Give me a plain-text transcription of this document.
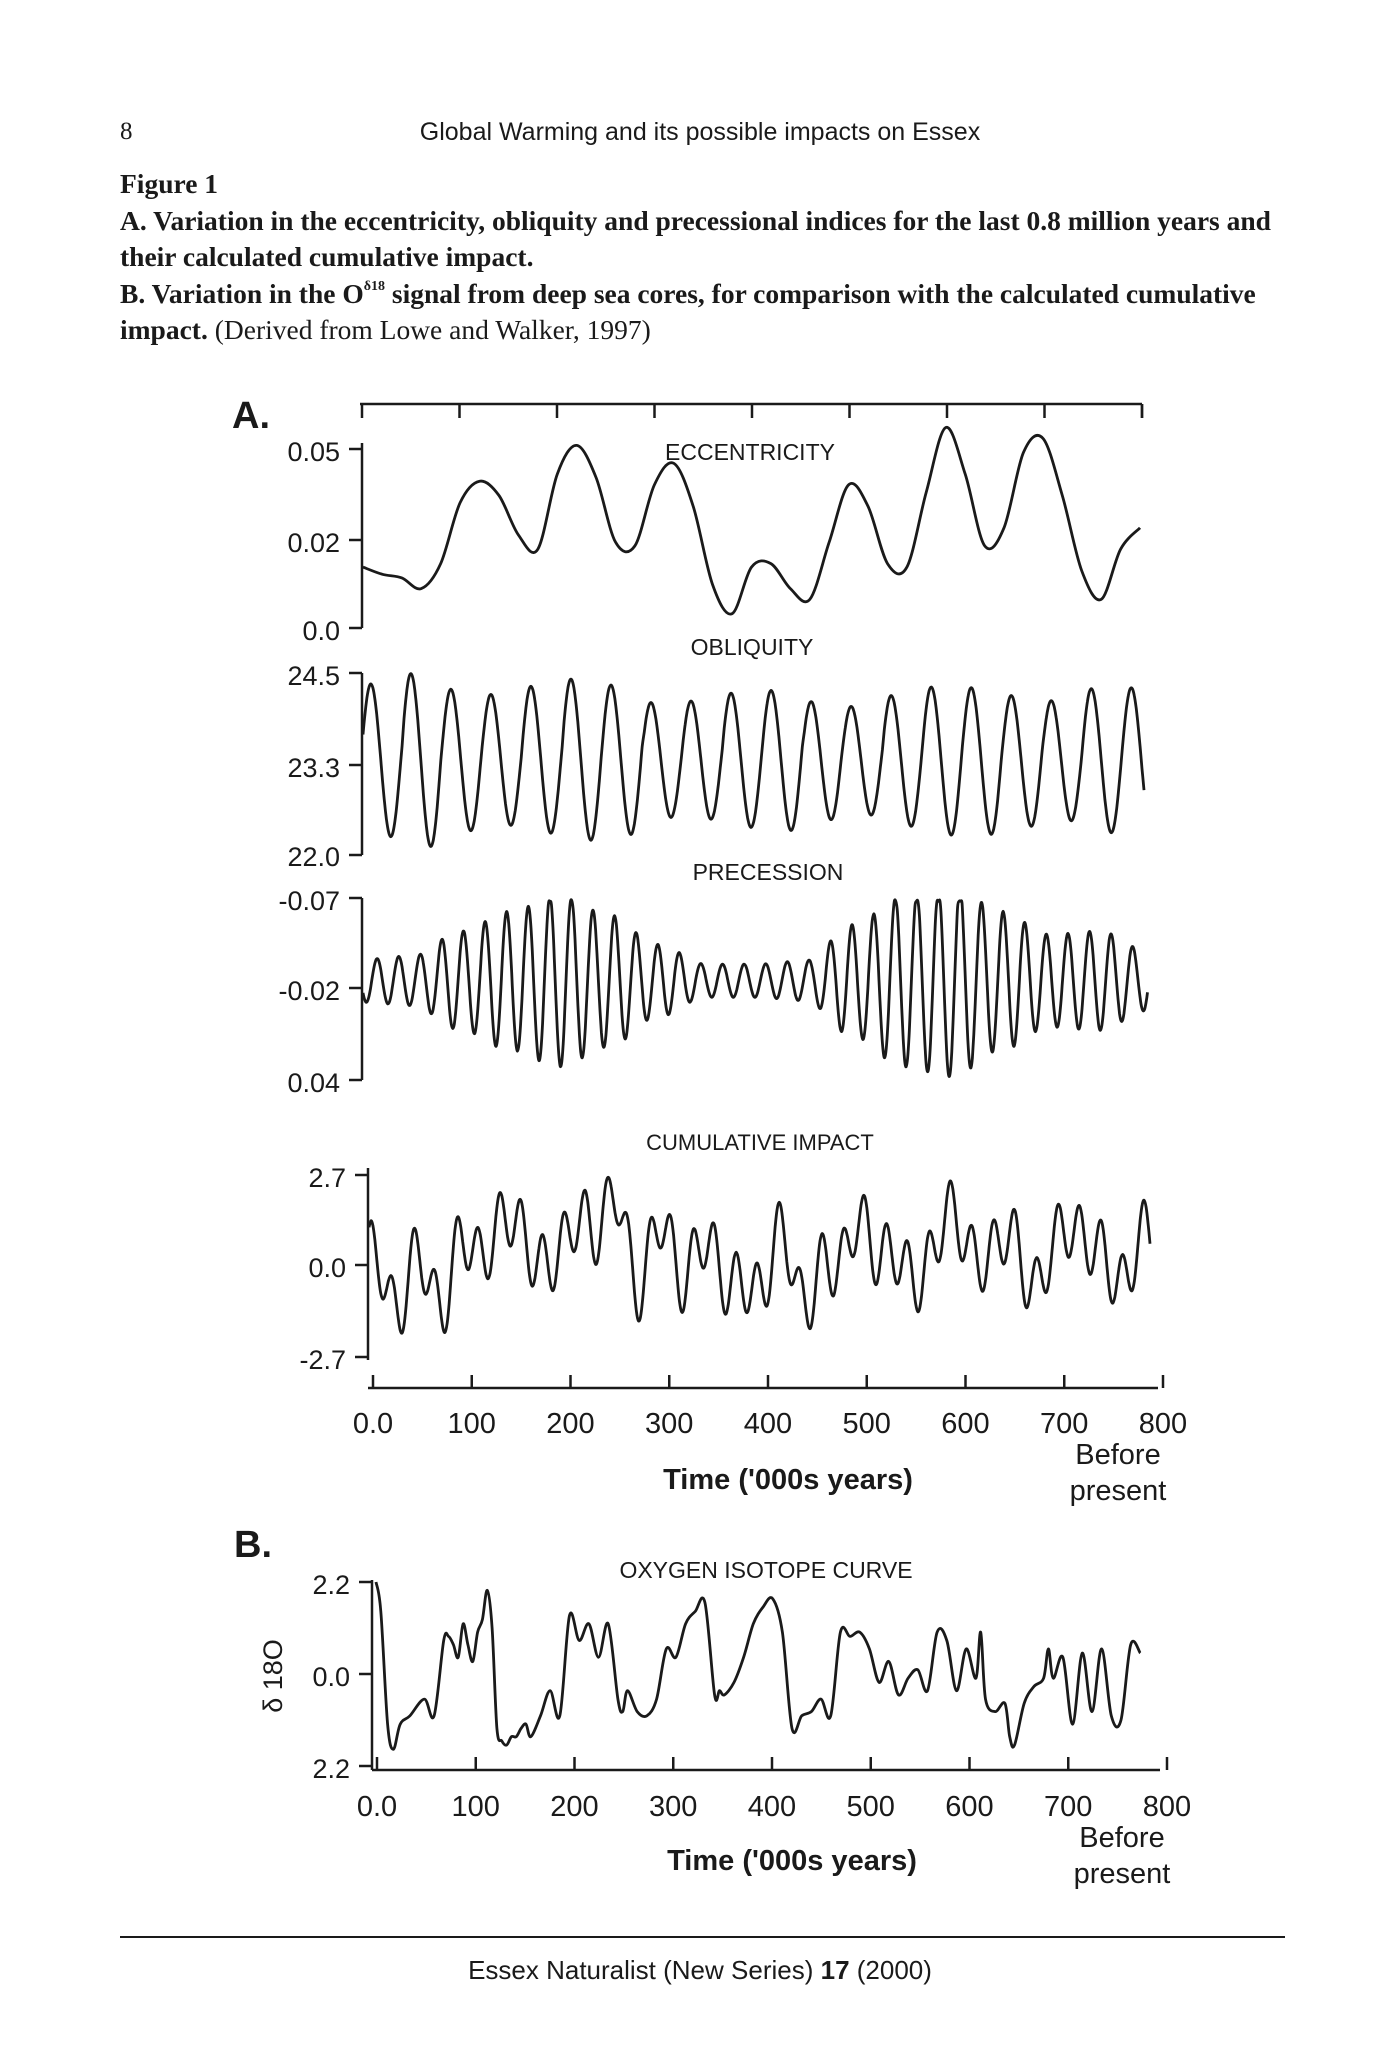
8	Global Warming and its possible impacts on Essex
Figure 1
A. Variation in the eccentricity, obliquity and precessional indices for the last 0.8 million years and their calculated cumulative impact.
B. Variation in the $O^{\delta 18}$ signal from deep sea cores, for comparison with the calculated cumulative impact. (Derived from Lowe and Walker, 1997)
A.
0.05
0.02
0.0
ECCENTRICITY
24.5
23.3
22.0
OBLIQUITY
-0.07
-0.02
0.04
PRECESSION
2.7
0.0
-2.7
CUMULATIVE IMPACT
0.0 100 200 300 400 500 600 700 800
Time ('000s years)
Before
present
B.
2.2
0.0
2.2
δ 18O
OXYGEN ISOTOPE CURVE
0.0 100 200 300 400 500 600 700 800
Time ('000s years)
Before
present
Essex Naturalist (New Series) 17 (2000)
